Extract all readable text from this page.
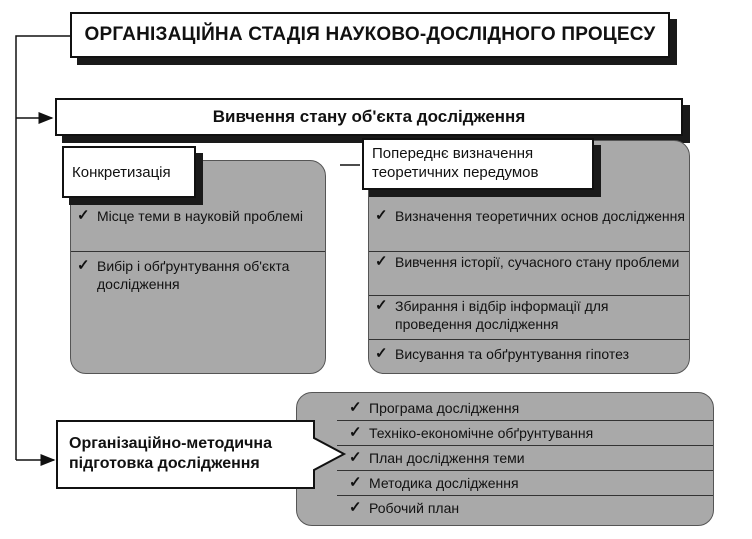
ОРГАНІЗАЦІЙНА СТАДІЯ НАУКОВО-ДОСЛІДНОГО ПРОЦЕСУ
Вивчення стану об'єкта дослідження
✓ Місце теми в науковій проблемі
✓ Вибір і обґрунтування об'єкта дослідження
Конкретизація
✓ Визначення теоретичних основ дослідження
✓ Вивчення історії, сучасного стану проблеми
✓ Збирання і відбір інформації для проведення дослідження
✓ Висування та обґрунтування гіпотез
Попереднє визначення теоретичних передумов
✓ Програма дослідження
✓ Техніко-економічне обґрунтування
✓ План дослідження теми
✓ Методика дослідження
✓ Робочий план
Організаційно-методична підготовка дослідження
